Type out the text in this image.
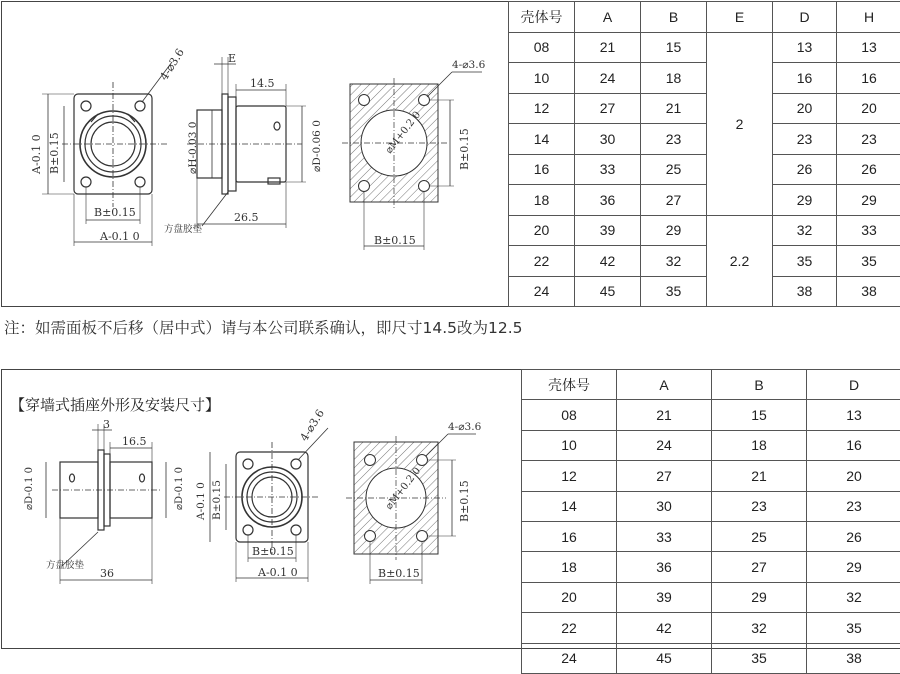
4-⌀3.6
A-0.1 0 B±0.15
B±0.15
A-0.1 0
E
14.5
⌀H-0.03 0	⌀D-0.06 0
26.5
方盘胶垫
4-⌀3.6
⌀M+0.2 0	B±0.15
B±0.15
壳体号	A	B	E	D	H
08	21	15	2	13	13
10	24	18		16	16
12	27	21		20	20
14	30	23		23	23
16	33	25		26	26
18	36	27		29	29
20	39	29	2.2	32	33
22	42	32		35	35
24	45	35		38	38
注：如需面板不后移（居中式）请与本公司联系确认，即尺寸14.5改为12.5
【穿墙式插座外形及安装尺寸】
3
16.5
⌀D-0.1 0	⌀D-0.1 0
方盘胶垫
36
4-⌀3.6
A-0.1 0 B±0.15
B±0.15
A-0.1 0
4-⌀3.6
⌀M+0.2 0	B±0.15
B±0.15
壳体号	A	B	D
08	21	15	13
10	24	18	16
12	27	21	20
14	30	23	23
16	33	25	26
18	36	27	29
20	39	29	32
22	42	32	35
24	45	35	38
